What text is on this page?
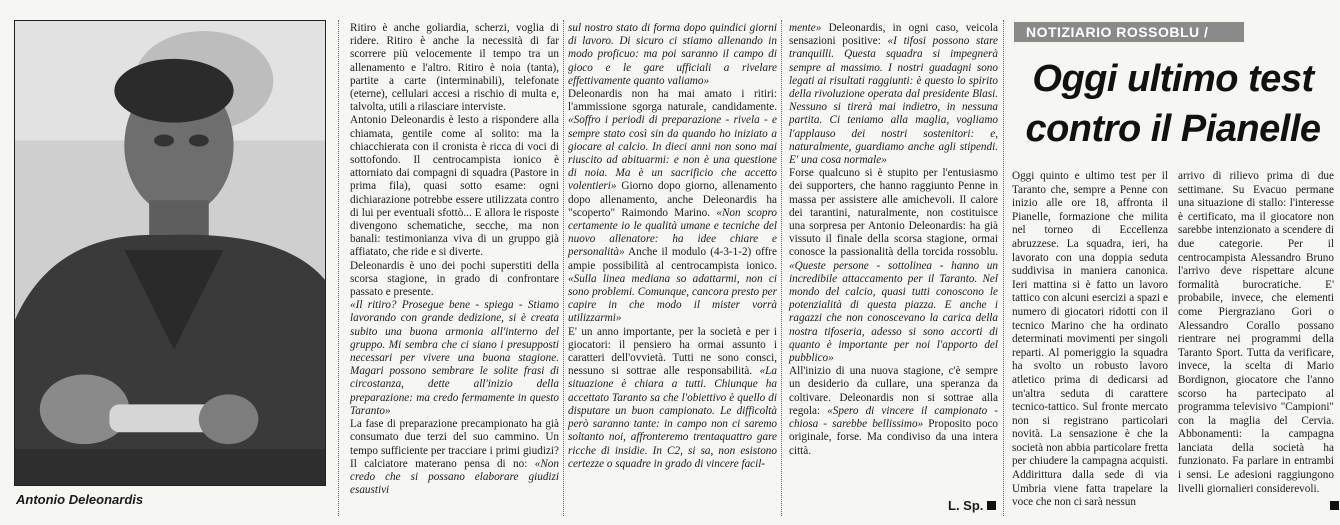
Antonio Deleonardis

Ritiro è anche goliardia, scherzi, voglia di ridere. Ritiro è anche la necessità di far scorrere più velocemente il tempo tra un allenamento e l'altro. Ritiro è noia (tanta), partite a carte (interminabili), telefonate (eterne), cellulari accesi a rischio di multa e, talvolta, utili a rilasciare interviste.

Antonio Deleonardis è lesto a rispondere alla chiamata, gentile come al solito: ma la chiacchierata con il cronista è ricca di voci di sottofondo. Il centrocampista ionico è attorniato dai compagni di squadra (Pastore in prima fila), quasi sotto esame: ogni dichiarazione potrebbe essere utilizzata contro di lui per eventuali sfottò... E allora le risposte divengono schematiche, secche, ma non banali: testimonianza viva di un gruppo già affiatato, che ride e si diverte.

Deleonardis è uno dei pochi superstiti della scorsa stagione, in grado di confrontare passato e presente.

«Il ritiro? Prosegue bene - spiega - Stiamo lavorando con grande dedizione, si è creata subito una buona armonia all'interno del gruppo. Mi sembra che ci siano i presupposti necessari per vivere una buona stagione. Magari possono sembrare le solite frasi di circostanza, dette all'inizio della preparazione: ma credo fermamente in questo Taranto»

La fase di preparazione precampionato ha già consumato due terzi del suo cammino. Un tempo sufficiente per tracciare i primi giudizi? Il calciatore materano pensa di no: «Non credo che si possano elaborare giudizi esaustivi

sul nostro stato di forma dopo quindici giorni di lavoro. Di sicuro ci stiamo allenando in modo proficuo: ma poi saranno il campo di gioco e le gare ufficiali a rivelare effettivamente quanto valiamo»

Deleonardis non ha mai amato i ritiri: l'ammissione sgorga naturale, candidamente. «Soffro i periodi di preparazione - rivela - e sempre stato così sin da quando ho iniziato a giocare al calcio. In dieci anni non sono mai riuscito ad abituarmi: e non è una questione di noia. Ma è un sacrificio che accetto volentieri» Giorno dopo giorno, allenamento dopo allenamento, anche Deleonardis ha "scoperto" Raimondo Marino. «Non scopro certamente io le qualità umane e tecniche del nuovo allenatore: ha idee chiare e personalità» Anche il modulo (4-3-1-2) offre ampie possibilità al centrocampista ionico. «Sulla linea mediana so adattarmi, non ci sono problemi. Comunque, cancora presto per capire in che modo il mister vorrà utilizzarmi»

E' un anno importante, per la società e per i giocatori: il pensiero ha ormai assunto i caratteri dell'ovvietà. Tutti ne sono consci, nessuno si sottrae alle responsabilità. «La situazione è chiara a tutti. Chiunque ha accettato Taranto sa che l'obiettivo è quello di disputare un buon campionato. Le difficoltà però saranno tante: in campo non ci saremo soltanto noi, affronteremo trentaquattro gare ricche di insidie. In C2, si sa, non esistono certezze o squadre in grado di vincere facil-

mente» Deleonardis, in ogni caso, veicola sensazioni positive: «I tifosi possono stare tranquilli. Questa squadra si impegnerà sempre al massimo. I nostri guadagni sono legati ai risultati raggiunti: è questo lo spirito della rivoluzione operata dal presidente Blasi. Nessuno si tirerà mai indietro, in nessuna partita. Ci teniamo alla maglia, vogliamo l'applauso dei nostri sostenitori: e, naturalmente, guardiamo anche agli stipendi. E' una cosa normale»

Forse qualcuno si è stupito per l'entusiasmo dei supporters, che hanno raggiunto Penne in massa per assistere alle amichevoli. Il calore dei tarantini, naturalmente, non costituisce una sorpresa per Antonio Deleonardis: ha già vissuto il finale della scorsa stagione, ormai conosce la passionalità della torcida rossoblu. «Queste persone - sottolinea - hanno un incredibile attaccamento per il Taranto. Nel mondo del calcio, quasi tutti conoscono le potenzialità di questa piazza. E anche i ragazzi che non conoscevano la carica della nostra tifoseria, adesso si sono accorti di quanto è importante per noi l'apporto del pubblico»

All'inizio di una nuova stagione, c'è sempre un desiderio da cullare, una speranza da coltivare. Deleonardis non si sottrae alla regola: «Spero di vincere il campionato - chiosa - sarebbe bellissimo» Proposito poco originale, forse. Ma condiviso da una intera città.

L. Sp.
NOTIZIARIO ROSSOBLU /
Oggi ultimo test
contro il Pianelle

Oggi quinto e ultimo test per il Taranto che, sempre a Penne con inizio alle ore 18, affronta il Pianelle, formazione che milita nel torneo di Eccellenza abruzzese. La squadra, ieri, ha lavorato con una doppia seduta suddivisa in maniera canonica. Ieri mattina si è fatto un lavoro tattico con alcuni esercizi a spazi e numero di giocatori ridotti con il tecnico Marino che ha ordinato determinati movimenti per singoli reparti. Al pomeriggio la squadra ha svolto un robusto lavoro atletico prima di dedicarsi ad un'altra seduta di carattere tecnico-tattico. Sul fronte mercato non si registrano particolari novità. La sensazione è che la società non abbia particolare fretta per chiudere la campagna acquisti. Addirittura dalla sede di via Umbria viene fatta trapelare la voce che non ci sarà nessun

arrivo di rilievo prima di due settimane. Su Evacuo permane una situazione di stallo: l'interesse è certificato, ma il giocatore non sarebbe intenzionato a scendere di due categorie. Per il centrocampista Alessandro Bruno l'arrivo deve rispettare alcune formalità burocratiche. E' probabile, invece, che elementi come Piergraziano Gori o Alessandro Corallo possano rientrare nei programmi della Taranto Sport. Tutta da verificare, invece, la scelta di Mario Bordignon, giocatore che l'anno scorso ha partecipato al programma televisivo "Campioni" con la maglia del Cervia. Abbonamenti: la campagna lanciata della società ha funzionato. Fa parlare in entrambi i sensi. Le adesioni raggiungono livelli giornalieri considerevoli.
